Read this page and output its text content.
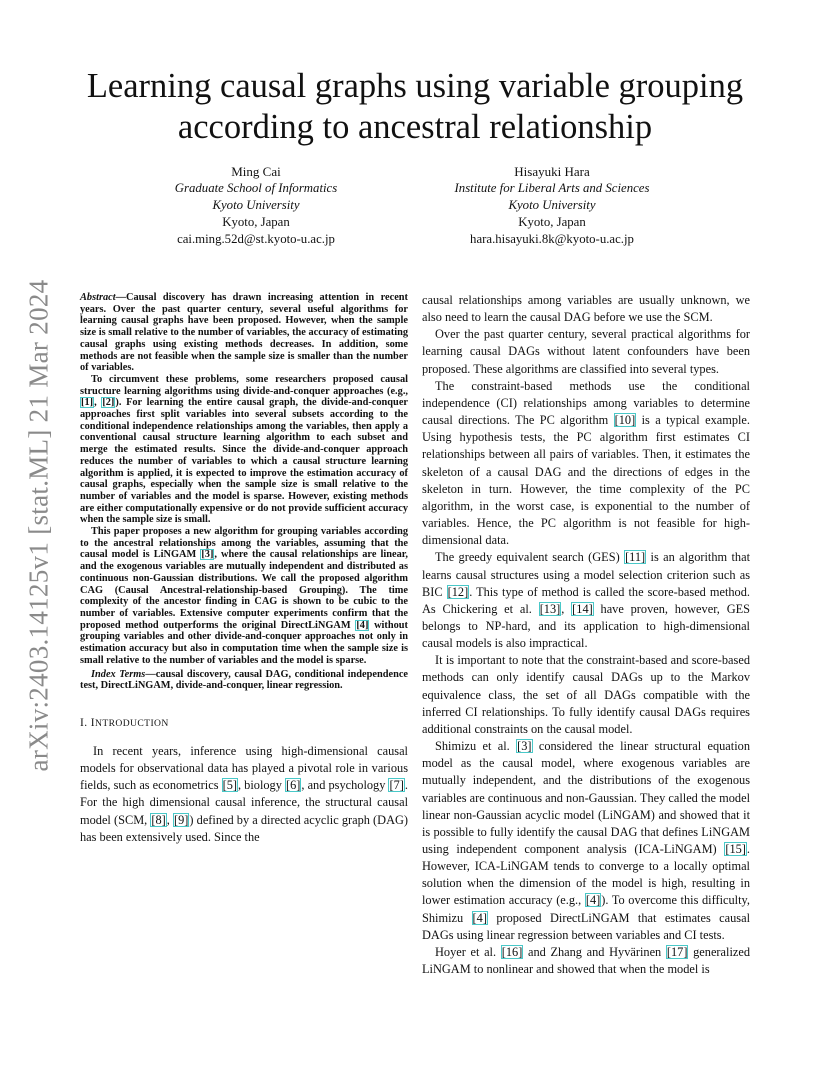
arXiv:2403.14125v1 [stat.ML] 21 Mar 2024
Learning causal graphs using variable grouping according to ancestral relationship
Ming Cai
Graduate School of Informatics
Kyoto University
Kyoto, Japan
cai.ming.52d@st.kyoto-u.ac.jp
Hisayuki Hara
Institute for Liberal Arts and Sciences
Kyoto University
Kyoto, Japan
hara.hisayuki.8k@kyoto-u.ac.jp

Abstract—Causal discovery has drawn increasing attention in recent years. Over the past quarter century, several useful algorithms for learning causal graphs have been proposed. However, when the sample size is small relative to the number of variables, the accuracy of estimating causal graphs using existing methods decreases. In addition, some methods are not feasible when the sample size is smaller than the number of variables.

To circumvent these problems, some researchers proposed causal structure learning algorithms using divide-and-conquer approaches (e.g., [1], [2]). For learning the entire causal graph, the divide-and-conquer approaches first split variables into several subsets according to the conditional independence relationships among the variables, then apply a conventional causal structure learning algorithm to each subset and merge the estimated results. Since the divide-and-conquer approach reduces the number of variables to which a causal structure learning algorithm is applied, it is expected to improve the estimation accuracy of causal graphs, especially when the sample size is small relative to the number of variables and the model is sparse. However, existing methods are either computationally expensive or do not provide sufficient accuracy when the sample size is small.

This paper proposes a new algorithm for grouping variables according to the ancestral relationships among the variables, assuming that the causal model is LiNGAM [3], where the causal relationships are linear, and the exogenous variables are mutually independent and distributed as continuous non-Gaussian distributions. We call the proposed algorithm CAG (Causal Ancestral-relationship-based Grouping). The time complexity of the ancestor finding in CAG is shown to be cubic to the number of variables. Extensive computer experiments confirm that the proposed method outperforms the original DirectLiNGAM [4] without grouping variables and other divide-and-conquer approaches not only in estimation accuracy but also in computation time when the sample size is small relative to the number of variables and the model is sparse.

Index Terms—causal discovery, causal DAG, conditional independence test, DirectLiNGAM, divide-and-conquer, linear regression.

I. INTRODUCTION

In recent years, inference using high-dimensional causal models for observational data has played a pivotal role in various fields, such as econometrics [5], biology [6], and psychology [7]. For the high dimensional causal inference, the structural causal model (SCM, [8], [9]) defined by a directed acyclic graph (DAG) has been extensively used. Since the

causal relationships among variables are usually unknown, we also need to learn the causal DAG before we use the SCM.

Over the past quarter century, several practical algorithms for learning causal DAGs without latent confounders have been proposed. These algorithms are classified into several types.

The constraint-based methods use the conditional independence (CI) relationships among variables to determine causal directions. The PC algorithm [10] is a typical example. Using hypothesis tests, the PC algorithm first estimates CI relationships between all pairs of variables. Then, it estimates the skeleton of a causal DAG and the directions of edges in the skeleton in turn. However, the time complexity of the PC algorithm, in the worst case, is exponential to the number of variables. Hence, the PC algorithm is not feasible for high-dimensional data.

The greedy equivalent search (GES) [11] is an algorithm that learns causal structures using a model selection criterion such as BIC [12]. This type of method is called the score-based method. As Chickering et al. [13], [14] have proven, however, GES belongs to NP-hard, and its application to high-dimensional causal models is also impractical.

It is important to note that the constraint-based and score-based methods can only identify causal DAGs up to the Markov equivalence class, the set of all DAGs compatible with the inferred CI relationships. To fully identify causal DAGs requires additional constraints on the causal model.

Shimizu et al. [3] considered the linear structural equation model as the causal model, where exogenous variables are mutually independent, and the distributions of the exogenous variables are continuous and non-Gaussian. They called the model linear non-Gaussian acyclic model (LiNGAM) and showed that it is possible to fully identify the causal DAG that defines LiNGAM using independent component analysis (ICA-LiNGAM) [15]. However, ICA-LiNGAM tends to converge to a locally optimal solution when the dimension of the model is high, resulting in lower estimation accuracy (e.g., [4]). To overcome this difficulty, Shimizu [4] proposed DirectLiNGAM that estimates causal DAGs using linear regression between variables and CI tests.

Hoyer et al. [16] and Zhang and Hyvärinen [17] generalized LiNGAM to nonlinear and showed that when the model is
